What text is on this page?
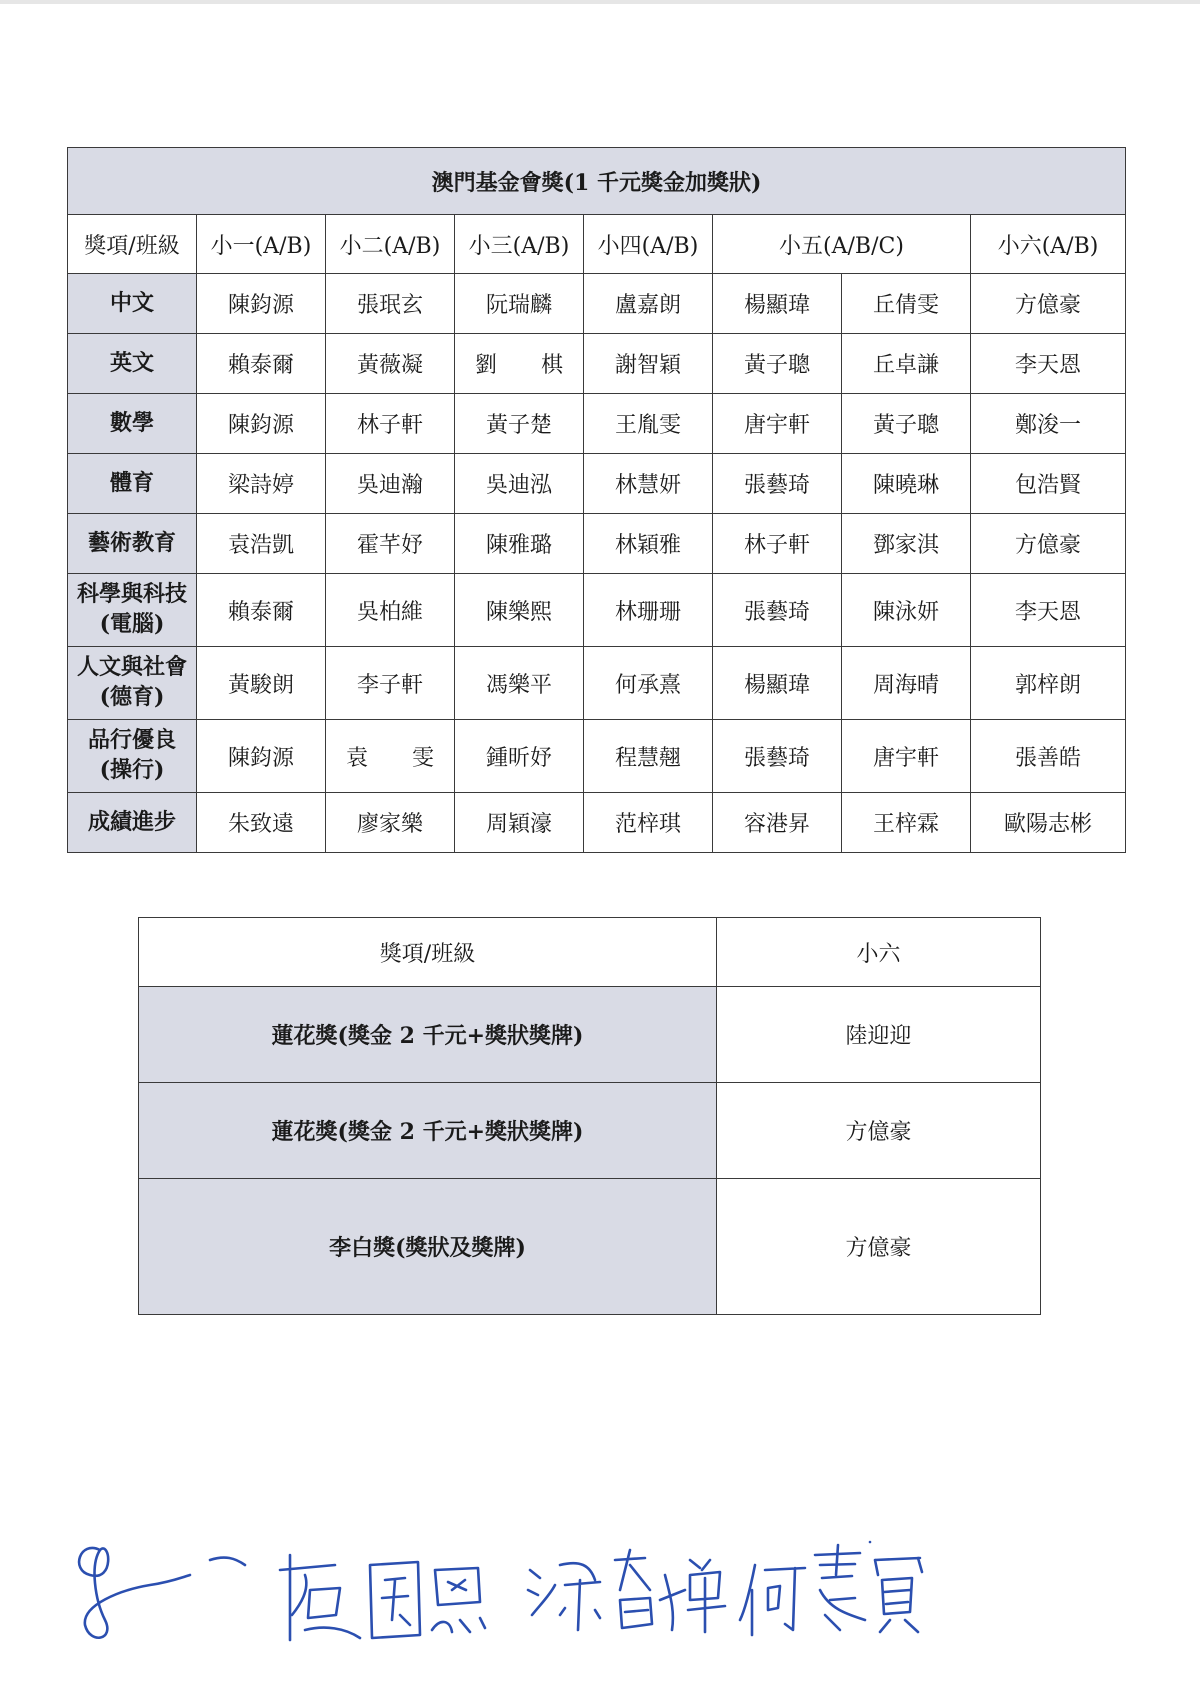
澳門基金會獎(1 千元獎金加獎狀)							
獎項/班級	小一(A/B)	小二(A/B)	小三(A/B)	小四(A/B)	小五(A/B/C)		小六(A/B)

中文	陳鈞源	張珉玄	阮瑞麟	盧嘉朗	楊顯瑋	丘倩雯	方億豪

英文	賴泰爾	黃薇凝	劉　　棋	謝智穎	黃子聰	丘卓謙	李天恩

數學	陳鈞源	林子軒	黃子楚	王胤雯	唐宇軒	黃子聰	鄭浚一

體育	梁詩婷	吳迪瀚	吳迪泓	林慧妍	張藝琦	陳曉琳	包浩賢

藝術教育	袁浩凱	霍芊妤	陳雅璐	林穎雅	林子軒	鄧家淇	方億豪

科學與科技
(電腦)	賴泰爾	吳柏維	陳樂熙	林珊珊	張藝琦	陳泳妍	李天恩

人文與社會
(德育)	黃駿朗	李子軒	馮樂平	何承熹	楊顯瑋	周海晴	郭梓朗

品行優良
(操行)	陳鈞源	袁　　雯	鍾昕妤	程慧翹	張藝琦	唐宇軒	張善皓

成績進步	朱致遠	廖家樂	周穎濠	范梓琪	容港昇	王梓霖	歐陽志彬
獎項/班級	小六
蓮花獎(獎金 2 千元+獎狀獎牌)	陸迎迎
蓮花獎(獎金 2 千元+獎狀獎牌)	方億豪
李白獎(獎狀及獎牌)	方億豪
